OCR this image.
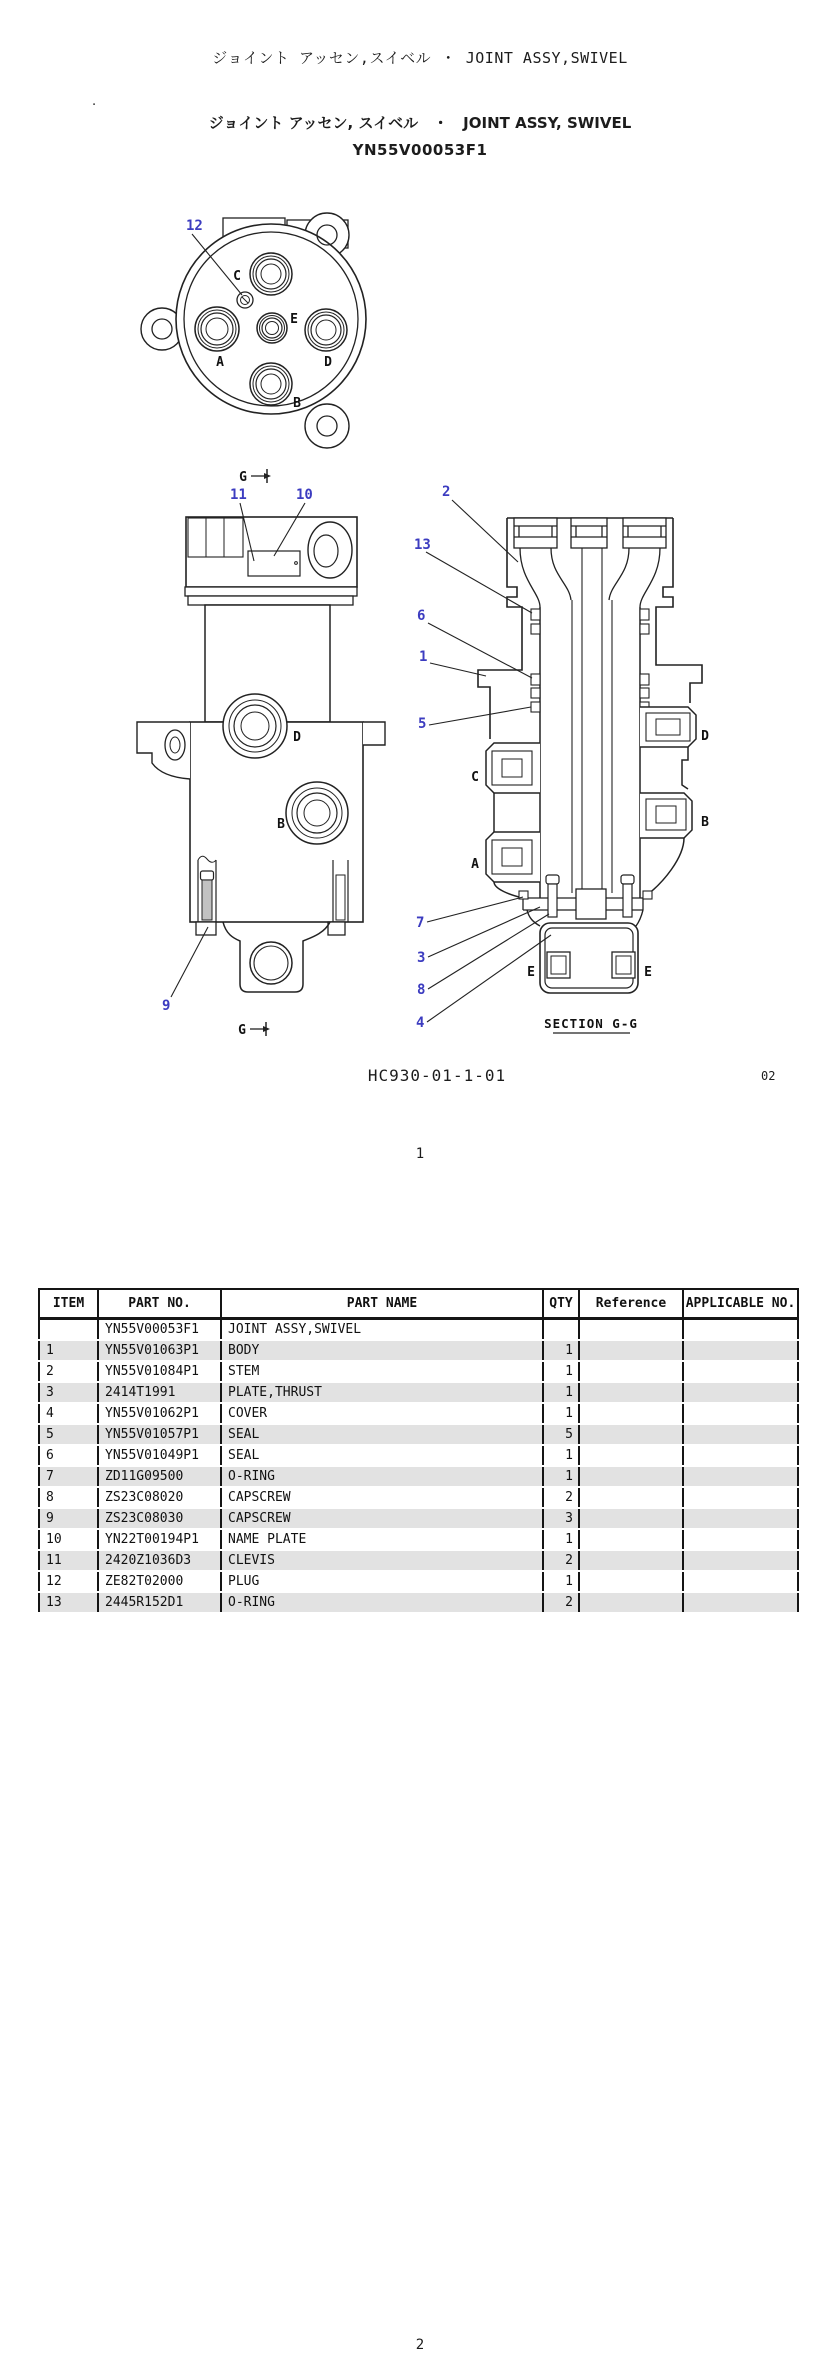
ジョイント アッセン,スイベル ・ JOINT ASSY,SWIVEL
.
ジョイント アッセン, スイベル　・　JOINT ASSY, SWIVEL
YN55V00053F1
12
C
E
A	D
B
G
G
11	10
9
D
B
2
13
6
1
5
7
3
8
4
C
A
D
B
E	E
SECTION G-G
HC930-01-1-01	02
1
ITEM	PART NO.	PART NAME	QTY	Reference	APPLICABLE NO.
	YN55V00053F1	JOINT ASSY,SWIVEL			
1	YN55V01063P1	BODY	1		
2	YN55V01084P1	STEM	1		
3	2414T1991	PLATE,THRUST	1		
4	YN55V01062P1	COVER	1		
5	YN55V01057P1	SEAL	5		
6	YN55V01049P1	SEAL	1		
7	ZD11G09500	O-RING	1		
8	ZS23C08020	CAPSCREW	2		
9	ZS23C08030	CAPSCREW	3		
10	YN22T00194P1	NAME PLATE	1		
11	2420Z1036D3	CLEVIS	2		
12	ZE82T02000	PLUG	1		
13	2445R152D1	O-RING	2		
2
